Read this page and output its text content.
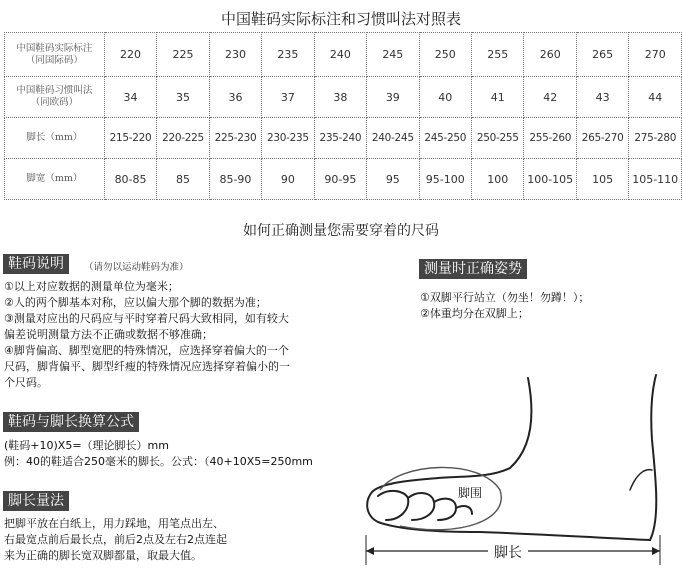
中国鞋码实际标注和习惯叫法对照表
中国鞋码实际标注
（同国际码）	220	225	230	235	240	245	250	255	260	265	270

中国鞋码习惯叫法
（同欧码）	34	35	36	37	38	39	40	41	42	43	44

脚长（mm）	215-220	220-225	225-230	230-235	235-240	240-245	245-250	250-255	255-260	265-270	275-280

脚宽（mm）	80-85	85	85-90	90	90-95	95	95-100	100	100-105	105	105-110
如何正确测量您需要穿着的尺码
鞋码说明	（请勿以运动鞋码为准）
①以上对应数据的测量单位为毫米；
②人的两个脚基本对称，应以偏大那个脚的数据为准；
③测量对应出的尺码应与平时穿着尺码大致相同，如有较大
偏差说明测量方法不正确或数据不够准确；
④脚背偏高、脚型宽肥的特殊情况，应选择穿着偏大的一个
尺码，脚背偏平、脚型纤瘦的特殊情况应选择穿着偏小的一
个尺码。
鞋码与脚长换算公式
(鞋码+10)X5=（理论脚长）mm
例：40的鞋适合250毫米的脚长。公式：（40+10X5=250mm
脚长量法
把脚平放在白纸上，用力踩地，用笔点出左、
右最宽点前后最长点，前后2点及左右2点连起
来为正确的脚长宽双脚都量，取最大值。
测量时正确姿势
①双脚平行站立（勿坐！勿蹲！）；
②体重均分在双脚上；
脚围
脚长
